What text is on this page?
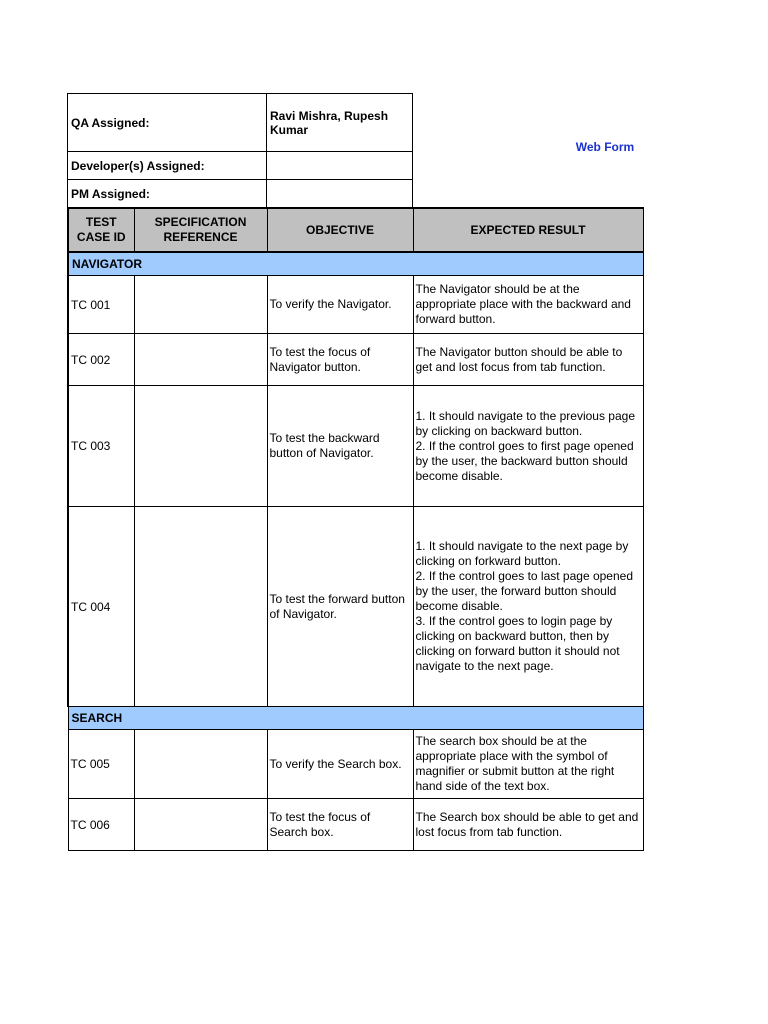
QA Assigned:	Ravi Mishra, Rupesh Kumar
Developer(s) Assigned:
PM Assigned:
Web Form
TEST CASE ID	SPECIFICATION REFERENCE	OBJECTIVE	EXPECTED RESULT
NAVIGATOR			
TC 001		To verify the Navigator.	The Navigator should be at the appropriate place with the backward and forward button.

TC 002		To test the focus of Navigator button.	The Navigator button should be able to get and lost focus from tab function.

TC 003		To test the backward button of Navigator.	1. It should navigate to the previous page by clicking on backward button.
2. If the control goes to first page opened by the user, the backward button should become disable.

TC 004		To test the forward button of Navigator.	1. It should navigate to the next page by clicking on forkward button.
2. If the control goes to last page opened by the user, the forward button should become disable.
3. If the control goes to login page by clicking on backward button, then by clicking on forward button it should not navigate to the next page.

SEARCH			
TC 005		To verify the Search box.	The search box should be at the appropriate place with the symbol of magnifier or submit button at the right hand side of the text box.

TC 006		To test the focus of Search box.	The Search box should be able to get and lost focus from tab function.
